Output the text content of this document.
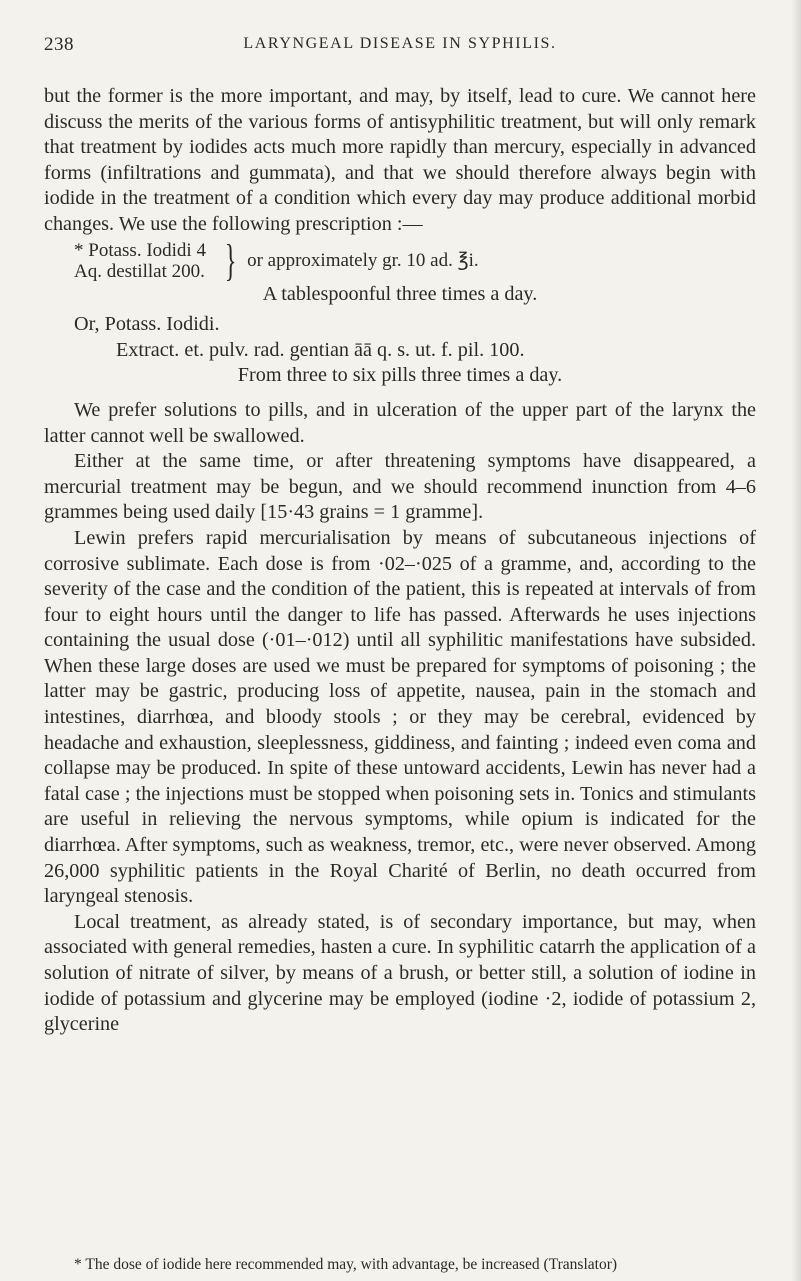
238	LARYNGEAL DISEASE IN SYPHILIS.

but the former is the more important, and may, by itself, lead to cure. We cannot here discuss the merits of the various forms of antisyphilitic treatment, but will only remark that treatment by iodides acts much more rapidly than mercury, especially in advanced forms (infiltrations and gummata), and that we should therefore always begin with iodide in the treatment of a condition which every day may produce additional morbid changes. We use the following prescription :—

* Potass. Iodidi 4
Aq. destillat 200. } or approximately gr. 10 ad. ℥i.

A tablespoonful three times a day.

Or, Potass. Iodidi.

Extract. et. pulv. rad. gentian āā q. s. ut. f. pil. 100.

From three to six pills three times a day.

We prefer solutions to pills, and in ulceration of the upper part of the larynx the latter cannot well be swallowed.

Either at the same time, or after threatening symptoms have disappeared, a mercurial treatment may be begun, and we should recommend inunction from 4–6 grammes being used daily [15·43 grains = 1 gramme].

Lewin prefers rapid mercurialisation by means of subcutaneous injections of corrosive sublimate. Each dose is from ·02–·025 of a gramme, and, according to the severity of the case and the condition of the patient, this is repeated at intervals of from four to eight hours until the danger to life has passed. Afterwards he uses injections containing the usual dose (·01–·012) until all syphilitic manifestations have subsided. When these large doses are used we must be prepared for symptoms of poisoning ; the latter may be gastric, producing loss of appetite, nausea, pain in the stomach and intestines, diarrhœa, and bloody stools ; or they may be cerebral, evidenced by headache and exhaustion, sleeplessness, giddiness, and fainting ; indeed even coma and collapse may be produced. In spite of these untoward accidents, Lewin has never had a fatal case ; the injections must be stopped when poisoning sets in. Tonics and stimulants are useful in relieving the nervous symptoms, while opium is indicated for the diarrhœa. After symptoms, such as weakness, tremor, etc., were never observed. Among 26,000 syphilitic patients in the Royal Charité of Berlin, no death occurred from laryngeal stenosis.

Local treatment, as already stated, is of secondary importance, but may, when associated with general remedies, hasten a cure. In syphilitic catarrh the application of a solution of nitrate of silver, by means of a brush, or better still, a solution of iodine in iodide of potassium and glycerine may be employed (iodine ·2, iodide of potassium 2, glycerine

* The dose of iodide here recommended may, with advantage, be increased (Translator)
